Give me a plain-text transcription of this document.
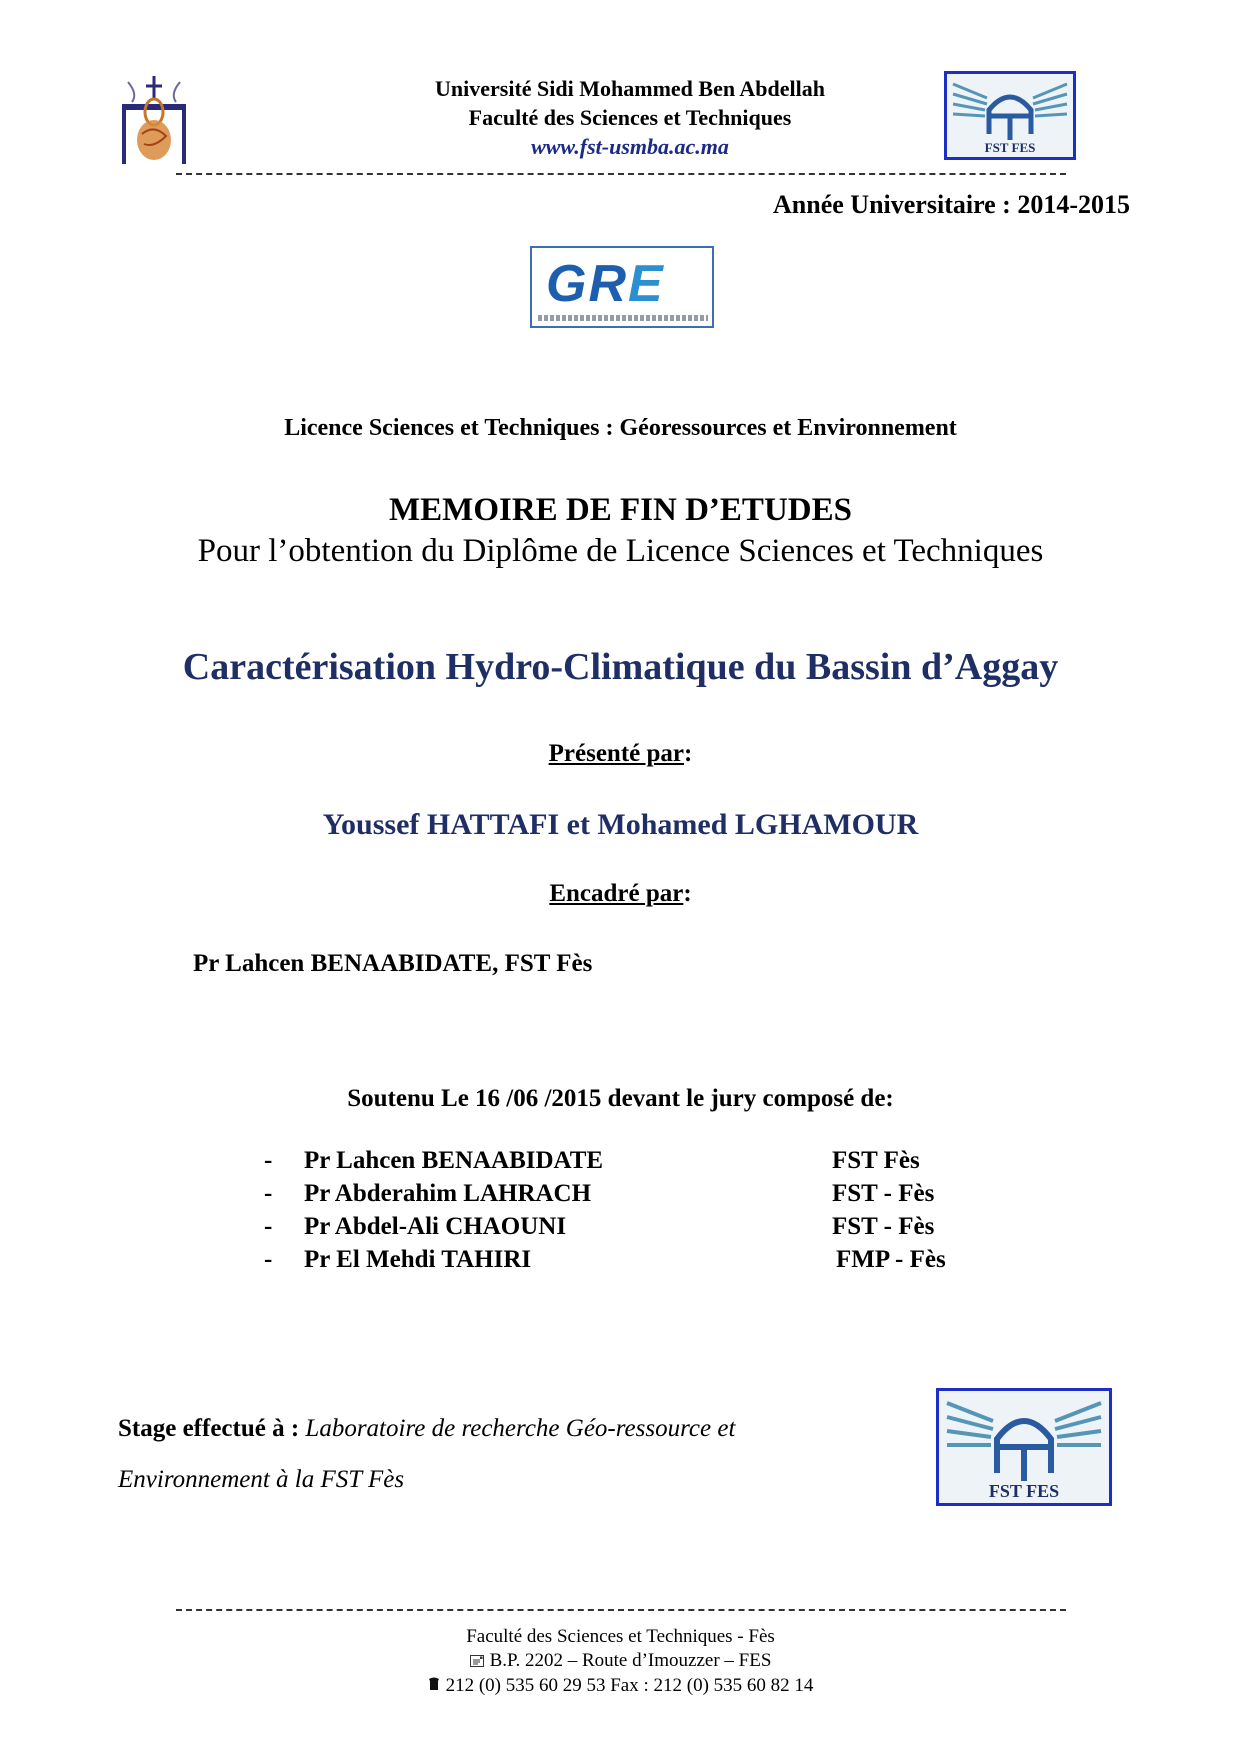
Université Sidi Mohammed Ben Abdellah
Faculté des Sciences et Techniques
www.fst-usmba.ac.ma	FST FES
Année Universitaire : 2014-2015
GRE
Licence Sciences et Techniques : Géoressources et Environnement
MEMOIRE DE FIN D’ETUDES
Pour l’obtention du Diplôme de Licence Sciences et Techniques
Caractérisation Hydro-Climatique du Bassin d’Aggay
Présenté par:
Youssef HATTAFI et Mohamed LGHAMOUR
Encadré par:
Pr Lahcen BENAABIDATE, FST Fès
Soutenu Le 16 /06 /2015 devant le jury composé de:
- Pr Lahcen BENAABIDATE	FST Fès
- Pr Abderahim LAHRACH	FST - Fès
- Pr Abdel-Ali CHAOUNI	FST - Fès
- Pr El Mehdi TAHIRI	FMP - Fès
Stage effectué à : Laboratoire de recherche Géo-ressource et
Environnement à la FST Fès	FST FES
Faculté des Sciences et Techniques - Fès
B.P. 2202 – Route d’Imouzzer – FES
212 (0) 535 60 29 53 Fax : 212 (0) 535 60 82 14
